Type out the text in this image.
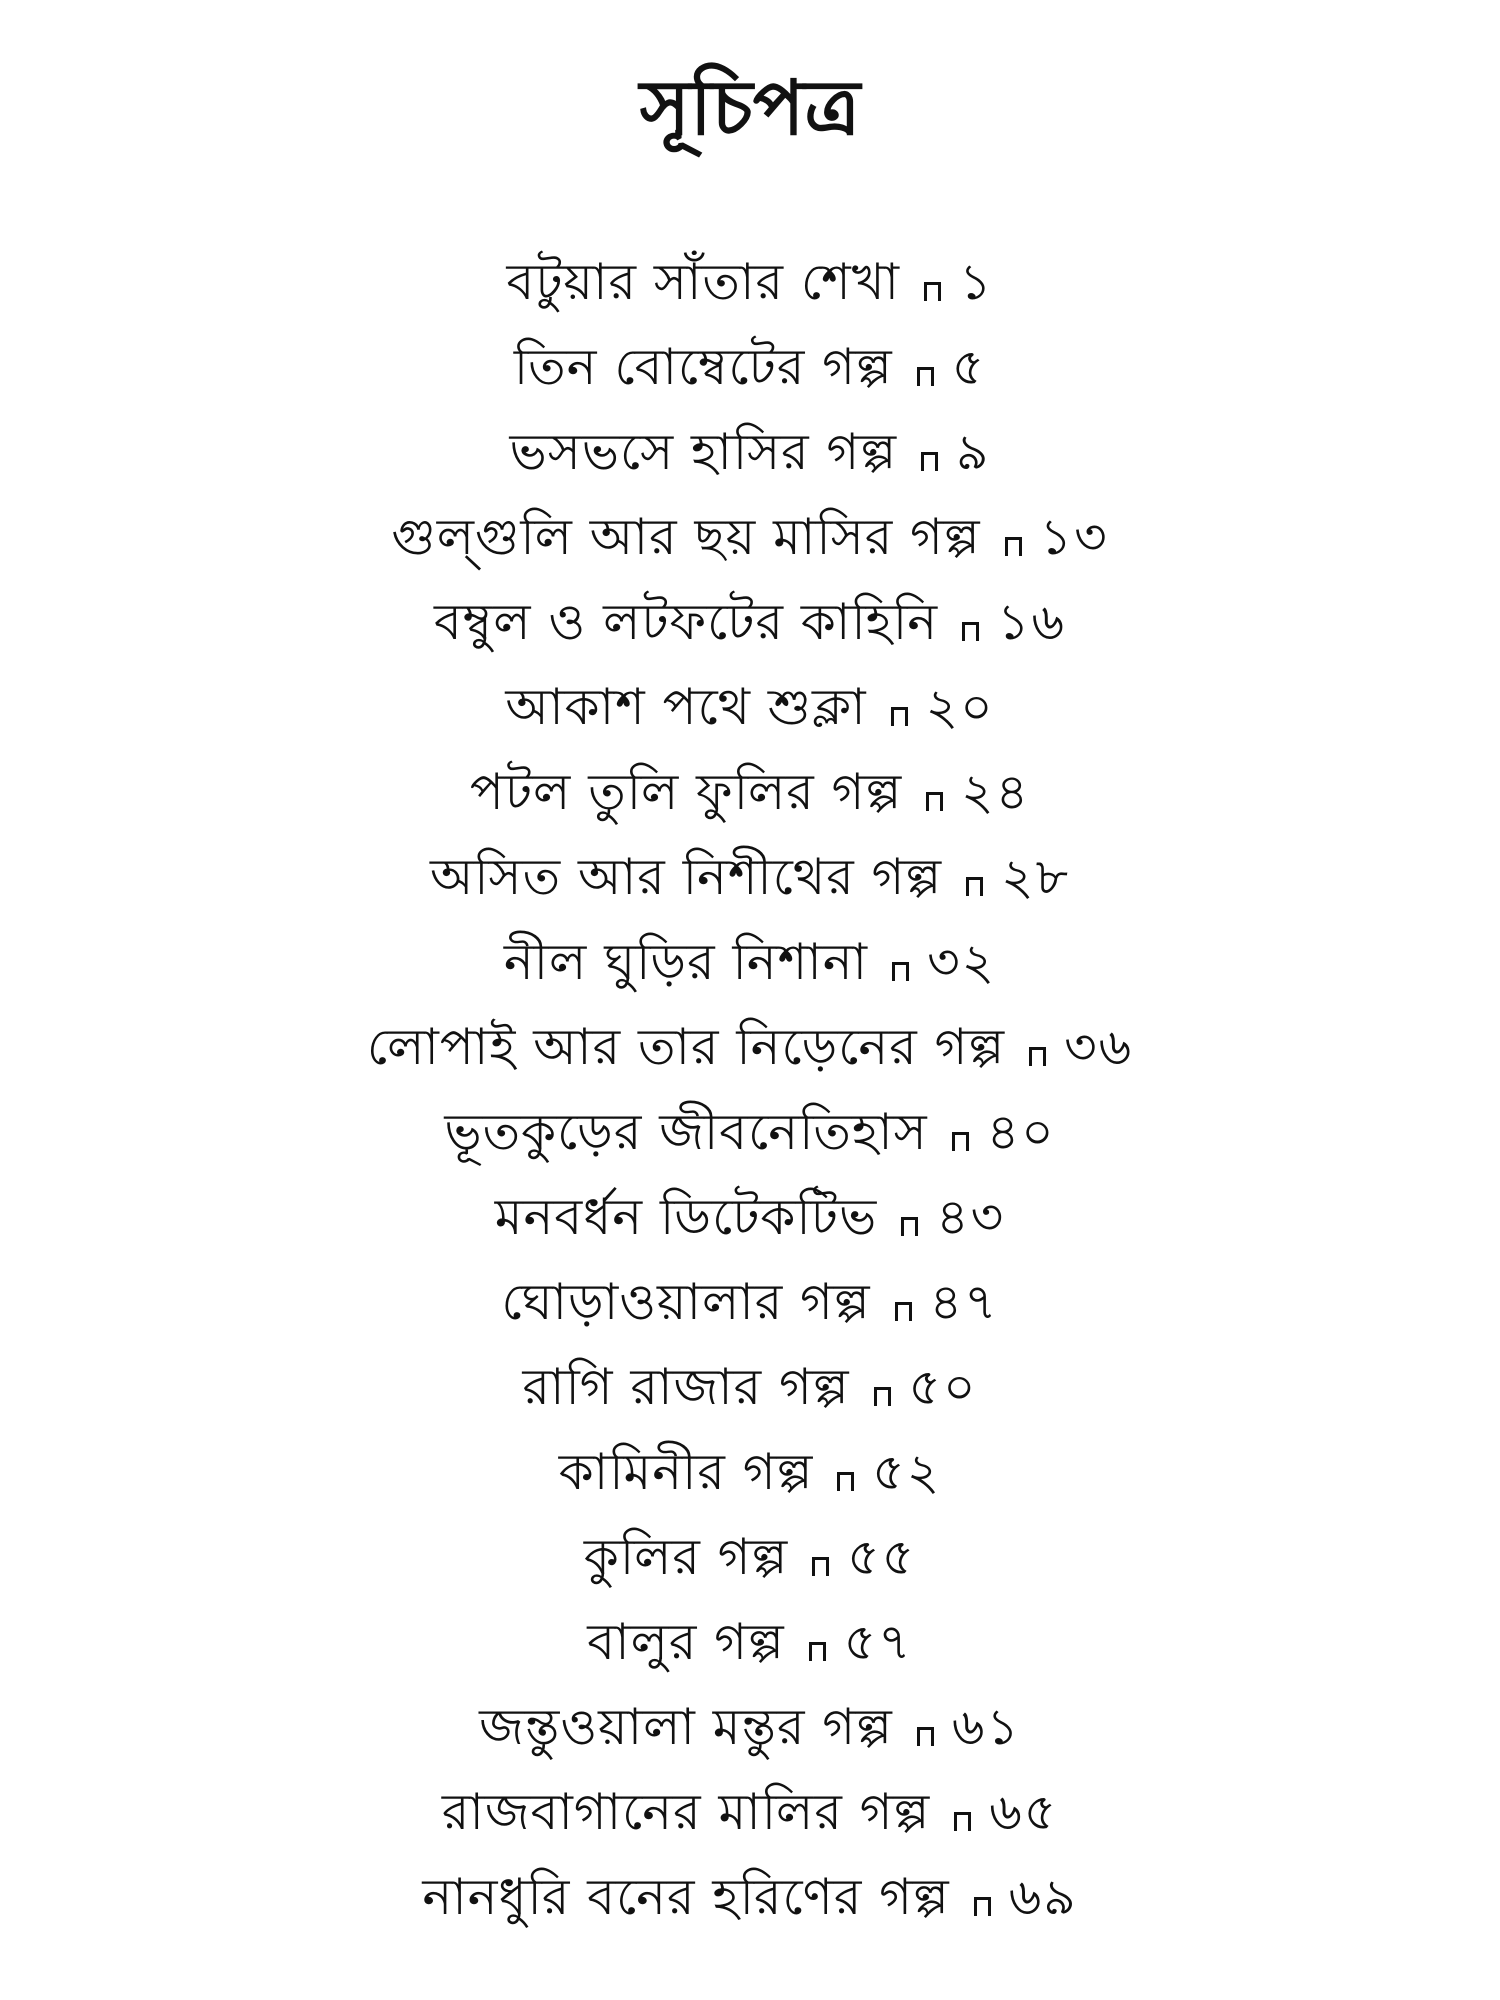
সূচিপত্র
বটুয়ার সাঁতার শেখা ১
তিন বোম্বেটের গল্প ৫
ভসভসে হাসির গল্প ৯
গুল্‌গুলি আর ছয় মাসির গল্প ১৩
বম্বুল ও লটফটের কাহিনি ১৬
আকাশ পথে শুক্লা ২০
পটল তুলি ফুলির গল্প ২৪
অসিত আর নিশীথের গল্প ২৮
নীল ঘুড়ির নিশানা ৩২
লোপাই আর তার নিড়েনের গল্প ৩৬
ভূতকুড়ের জীবনেতিহাস ৪০
মনবর্ধন ডিটেকটিভ ৪৩
ঘোড়াওয়ালার গল্প ৪৭
রাগি রাজার গল্প ৫০
কামিনীর গল্প ৫২
কুলির গল্প ৫৫
বালুর গল্প ৫৭
জন্তুওয়ালা মন্তুর গল্প ৬১
রাজবাগানের মালির গল্প ৬৫
নানধুরি বনের হরিণের গল্প ৬৯
